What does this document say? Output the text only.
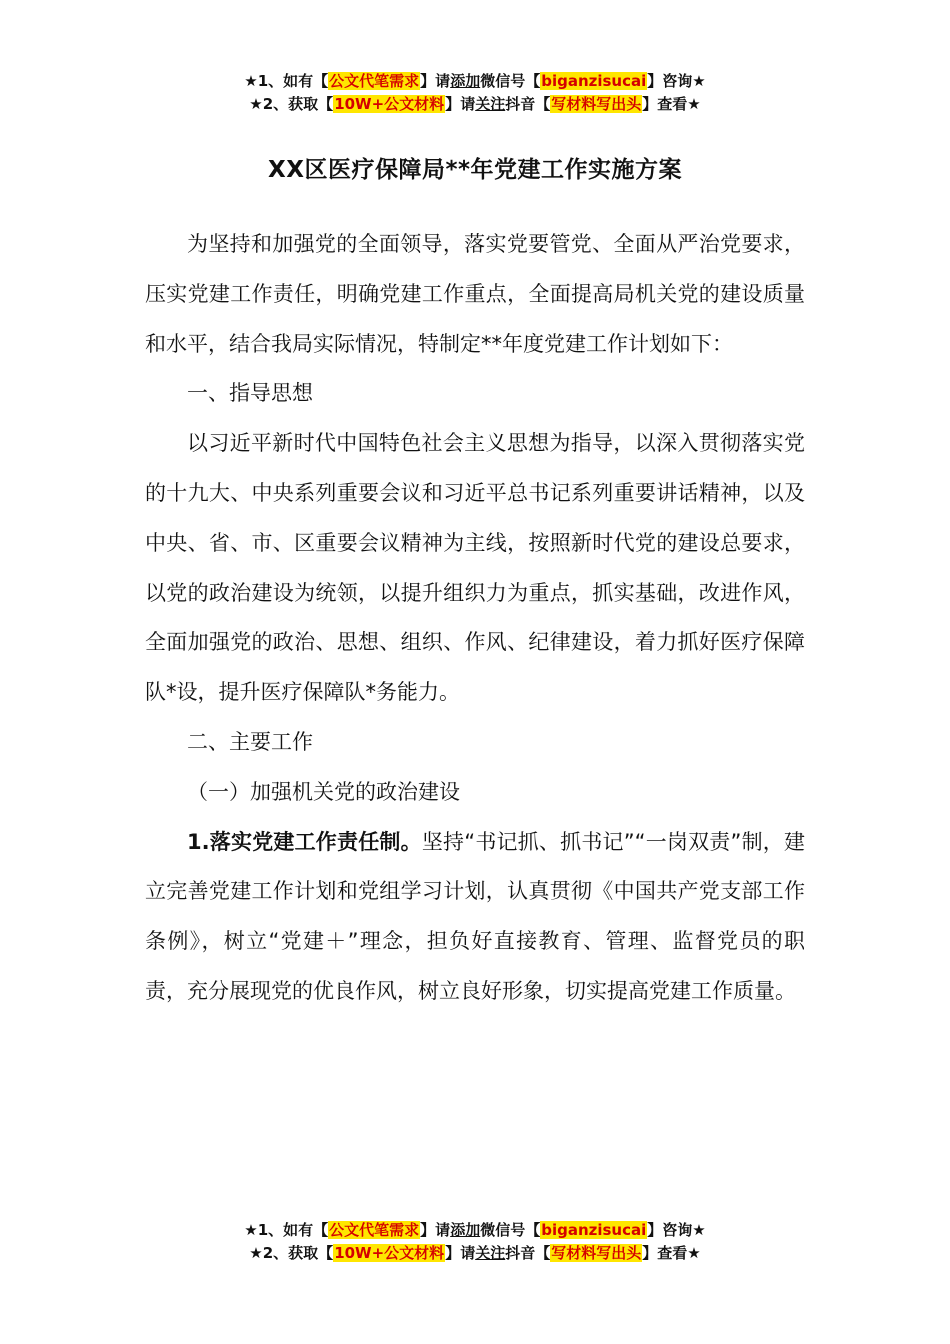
★1、如有【公文代笔需求】请添加微信号【biganzisucai】咨询★
★2、获取【10W+公文材料】请关注抖音【写材料写出头】查看★
XX区医疗保障局**年党建工作实施方案

为坚持和加强党的全面领导，落实党要管党、全面从严治党要求，压实党建工作责任，明确党建工作重点，全面提高局机关党的建设质量和水平，结合我局实际情况，特制定**年度党建工作计划如下：

一、指导思想

以习近平新时代中国特色社会主义思想为指导，以深入贯彻落实党的十九大、中央系列重要会议和习近平总书记系列重要讲话精神，以及中央、省、市、区重要会议精神为主线，按照新时代党的建设总要求，以党的政治建设为统领，以提升组织力为重点，抓实基础，改进作风，全面加强党的政治、思想、组织、作风、纪律建设，着力抓好医疗保障队*设，提升医疗保障队*务能力。

二、主要工作

（一）加强机关党的政治建设

1.落实党建工作责任制。坚持“书记抓、抓书记”“一岗双责”制，建立完善党建工作计划和党组学习计划，认真贯彻《中国共产党支部工作条例》，树立“党建＋”理念，担负好直接教育、管理、监督党员的职责，充分展现党的优良作风，树立良好形象，切实提高党建工作质量。

★1、如有【公文代笔需求】请添加微信号【biganzisucai】咨询★
★2、获取【10W+公文材料】请关注抖音【写材料写出头】查看★
